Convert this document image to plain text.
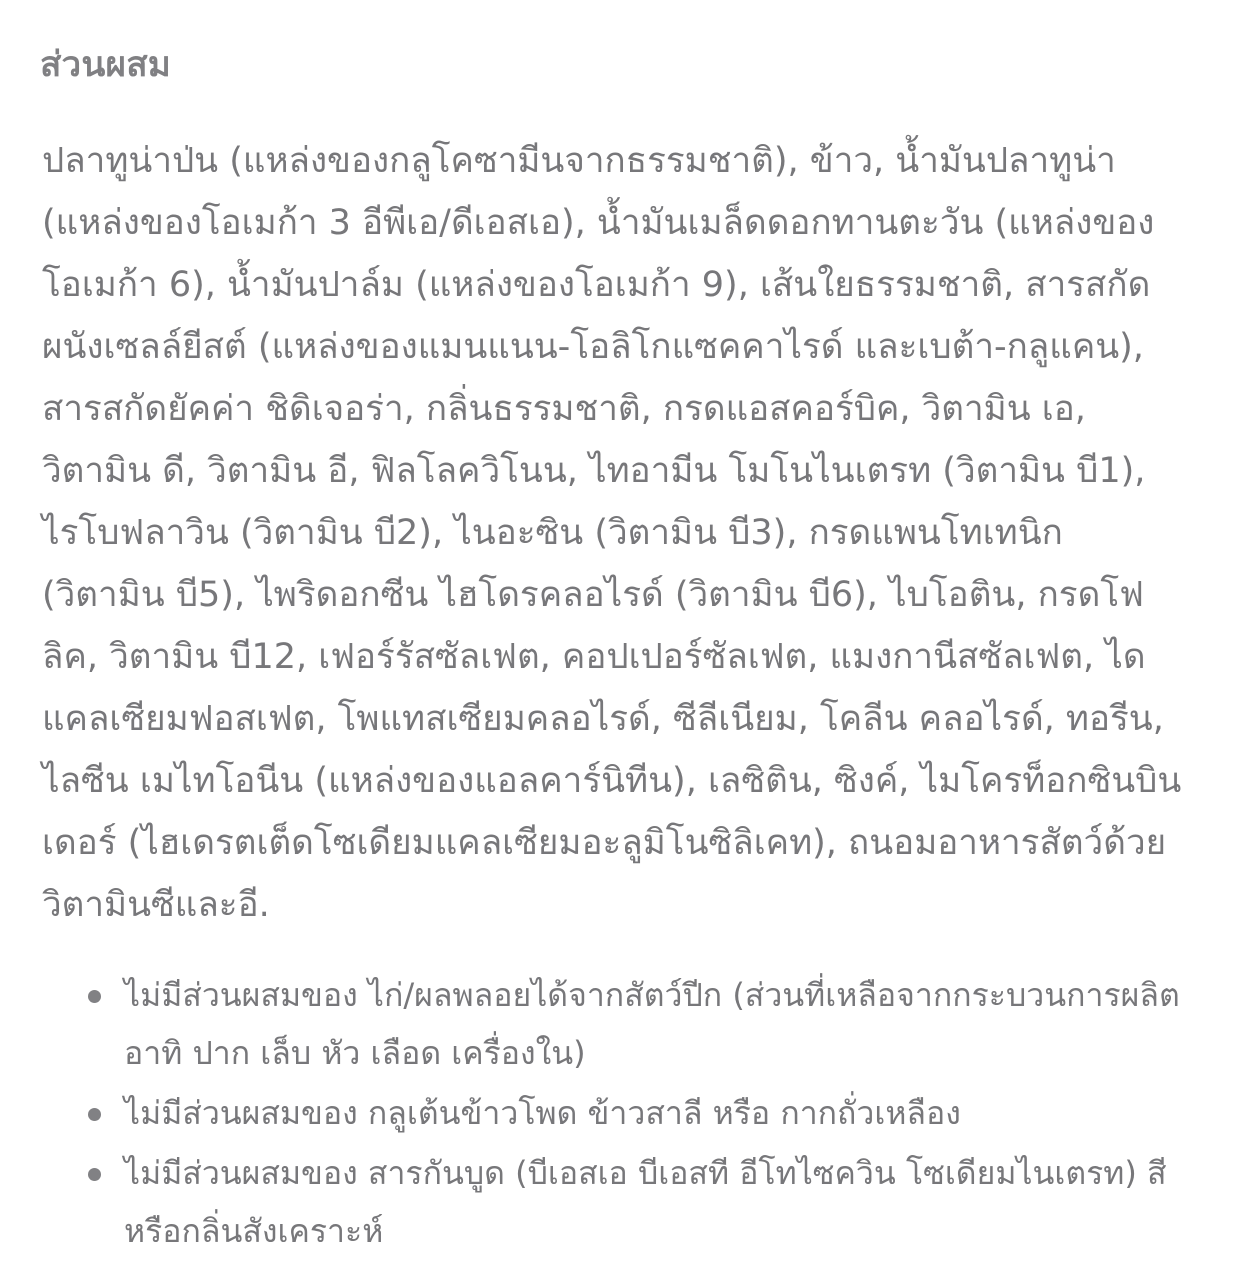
ส่วนผสม

ปลาทูน่าป่น (แหล่งของกลูโคซามีนจากธรรมชาติ), ข้าว, น้ำมันปลาทูน่า (แหล่งของโอเมก้า 3 อีพีเอ/ดีเอสเอ), น้ำมันเมล็ดดอกทานตะวัน (แหล่งของโอเมก้า 6), น้ำมันปาล์ม (แหล่งของโอเมก้า 9), เส้นใยธรรมชาติ, สารสกัดผนังเซลล์ยีสต์ (แหล่งของแมนแนน-โอลิโกแซคคาไรด์ และเบต้า-กลูแคน), สารสกัดยัคค่า ชิดิเจอร่า, กลิ่นธรรมชาติ, กรดแอสคอร์บิค, วิตามิน เอ, วิตามิน ดี, วิตามิน อี, ฟิลโลควิโนน, ไทอามีน โมโนไนเตรท (วิตามิน บี1), ไรโบฟลาวิน (วิตามิน บี2), ไนอะซิน (วิตามิน บี3), กรดแพนโทเทนิก (วิตามิน บี5), ไพริดอกซีน ไฮโดรคลอไรด์ (วิตามิน บี6), ไบโอติน, กรดโฟลิค, วิตามิน บี12, เฟอร์รัสซัลเฟต, คอปเปอร์ซัลเฟต, แมงกานีสซัลเฟต, ไดแคลเซียมฟอสเฟต, โพแทสเซียมคลอไรด์, ซีลีเนียม, โคลีน คลอไรด์, ทอรีน, ไลซีน เมไทโอนีน (แหล่งของแอลคาร์นิทีน), เลซิติน, ซิงค์, ไมโครท็อกซินบินเดอร์ (ไฮเดรตเต็ดโซเดียมแคลเซียมอะลูมิโนซิลิเคท), ถนอมอาหารสัตว์ด้วยวิตามินซีและอี.

ไม่มีส่วนผสมของ ไก่/ผลพลอยได้จากสัตว์ปีก (ส่วนที่เหลือจากกระบวนการผลิต อาทิ ปาก เล็บ หัว เลือด เครื่องใน)
ไม่มีส่วนผสมของ กลูเต้นข้าวโพด ข้าวสาลี หรือ กากถั่วเหลือง
ไม่มีส่วนผสมของ สารกันบูด (บีเอสเอ บีเอสที อีโทไซควิน โซเดียมไนเตรท) สี หรือกลิ่นสังเคราะห์
